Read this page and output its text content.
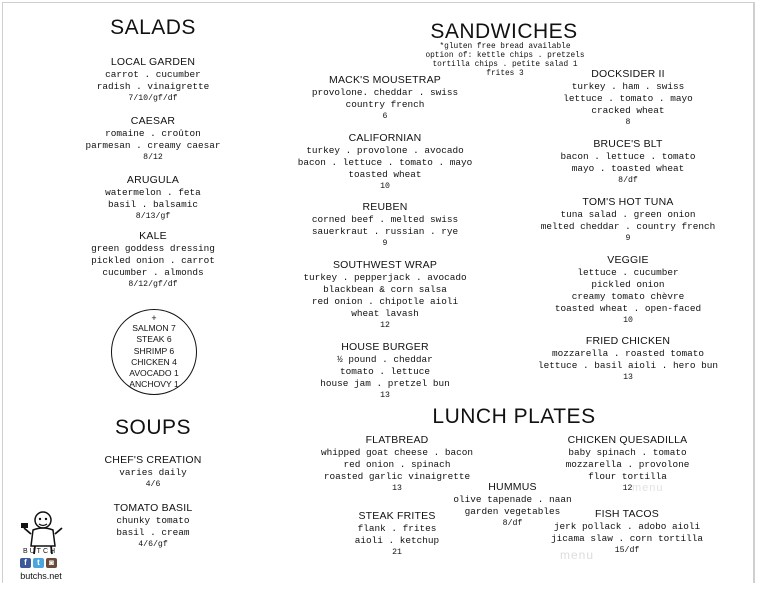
SALADS
LOCAL GARDEN
carrot . cucumber
radish . vinaigrette
7/10/gf/df
CAESAR
romaine . croûton
parmesan . creamy caesar
8/12
ARUGULA
watermelon . feta
basil . balsamic
8/13/gf
KALE
green goddess dressing
pickled onion . carrot
cucumber . almonds
8/12/gf/df
+
SALMON 7
STEAK 6
SHRIMP 6
CHICKEN 4
AVOCADO 1
ANCHOVY 1
SOUPS
CHEF'S CREATION
varies daily
4/6
TOMATO BASIL
chunky tomato
basil . cream
4/6/gf
BUTCH
f	t	◙
butchs.net
SANDWICHES
*gluten free bread available
option of: kettle chips . pretzels
tortilla chips . petite salad 1
frites 3
MACK'S MOUSETRAP
provolone. cheddar . swiss
country french
6
CALIFORNIAN
turkey . provolone . avocado
bacon . lettuce . tomato . mayo
toasted wheat
10
REUBEN
corned beef . melted swiss
sauerkraut . russian . rye
9
SOUTHWEST WRAP
turkey . pepperjack . avocado
blackbean & corn salsa
red onion . chipotle aioli
wheat lavash
12
HOUSE BURGER
½ pound . cheddar
tomato . lettuce
house jam . pretzel bun
13
DOCKSIDER II
turkey . ham . swiss
lettuce . tomato . mayo
cracked wheat
8
BRUCE'S BLT
bacon . lettuce . tomato
mayo . toasted wheat
8/df
TOM'S HOT TUNA
tuna salad . green onion
melted cheddar . country french
9
VEGGIE
lettuce . cucumber
pickled onion
creamy tomato chèvre
toasted wheat . open-faced
10
FRIED CHICKEN
mozzarella . roasted tomato
lettuce . basil aioli . hero bun
13
LUNCH PLATES
FLATBREAD
whipped goat cheese . bacon
red onion . spinach
roasted garlic vinaigrette
13	HUMMUS
olive tapenade . naan
garden vegetables
8/df
CHICKEN QUESADILLA
baby spinach . tomato
mozzarella . provolone
flour tortilla
12
STEAK FRITES
flank . frites
aioli . ketchup
21
FISH TACOS
jerk pollack . adobo aioli
jicama slaw . corn tortilla
15/df
menu
menu
